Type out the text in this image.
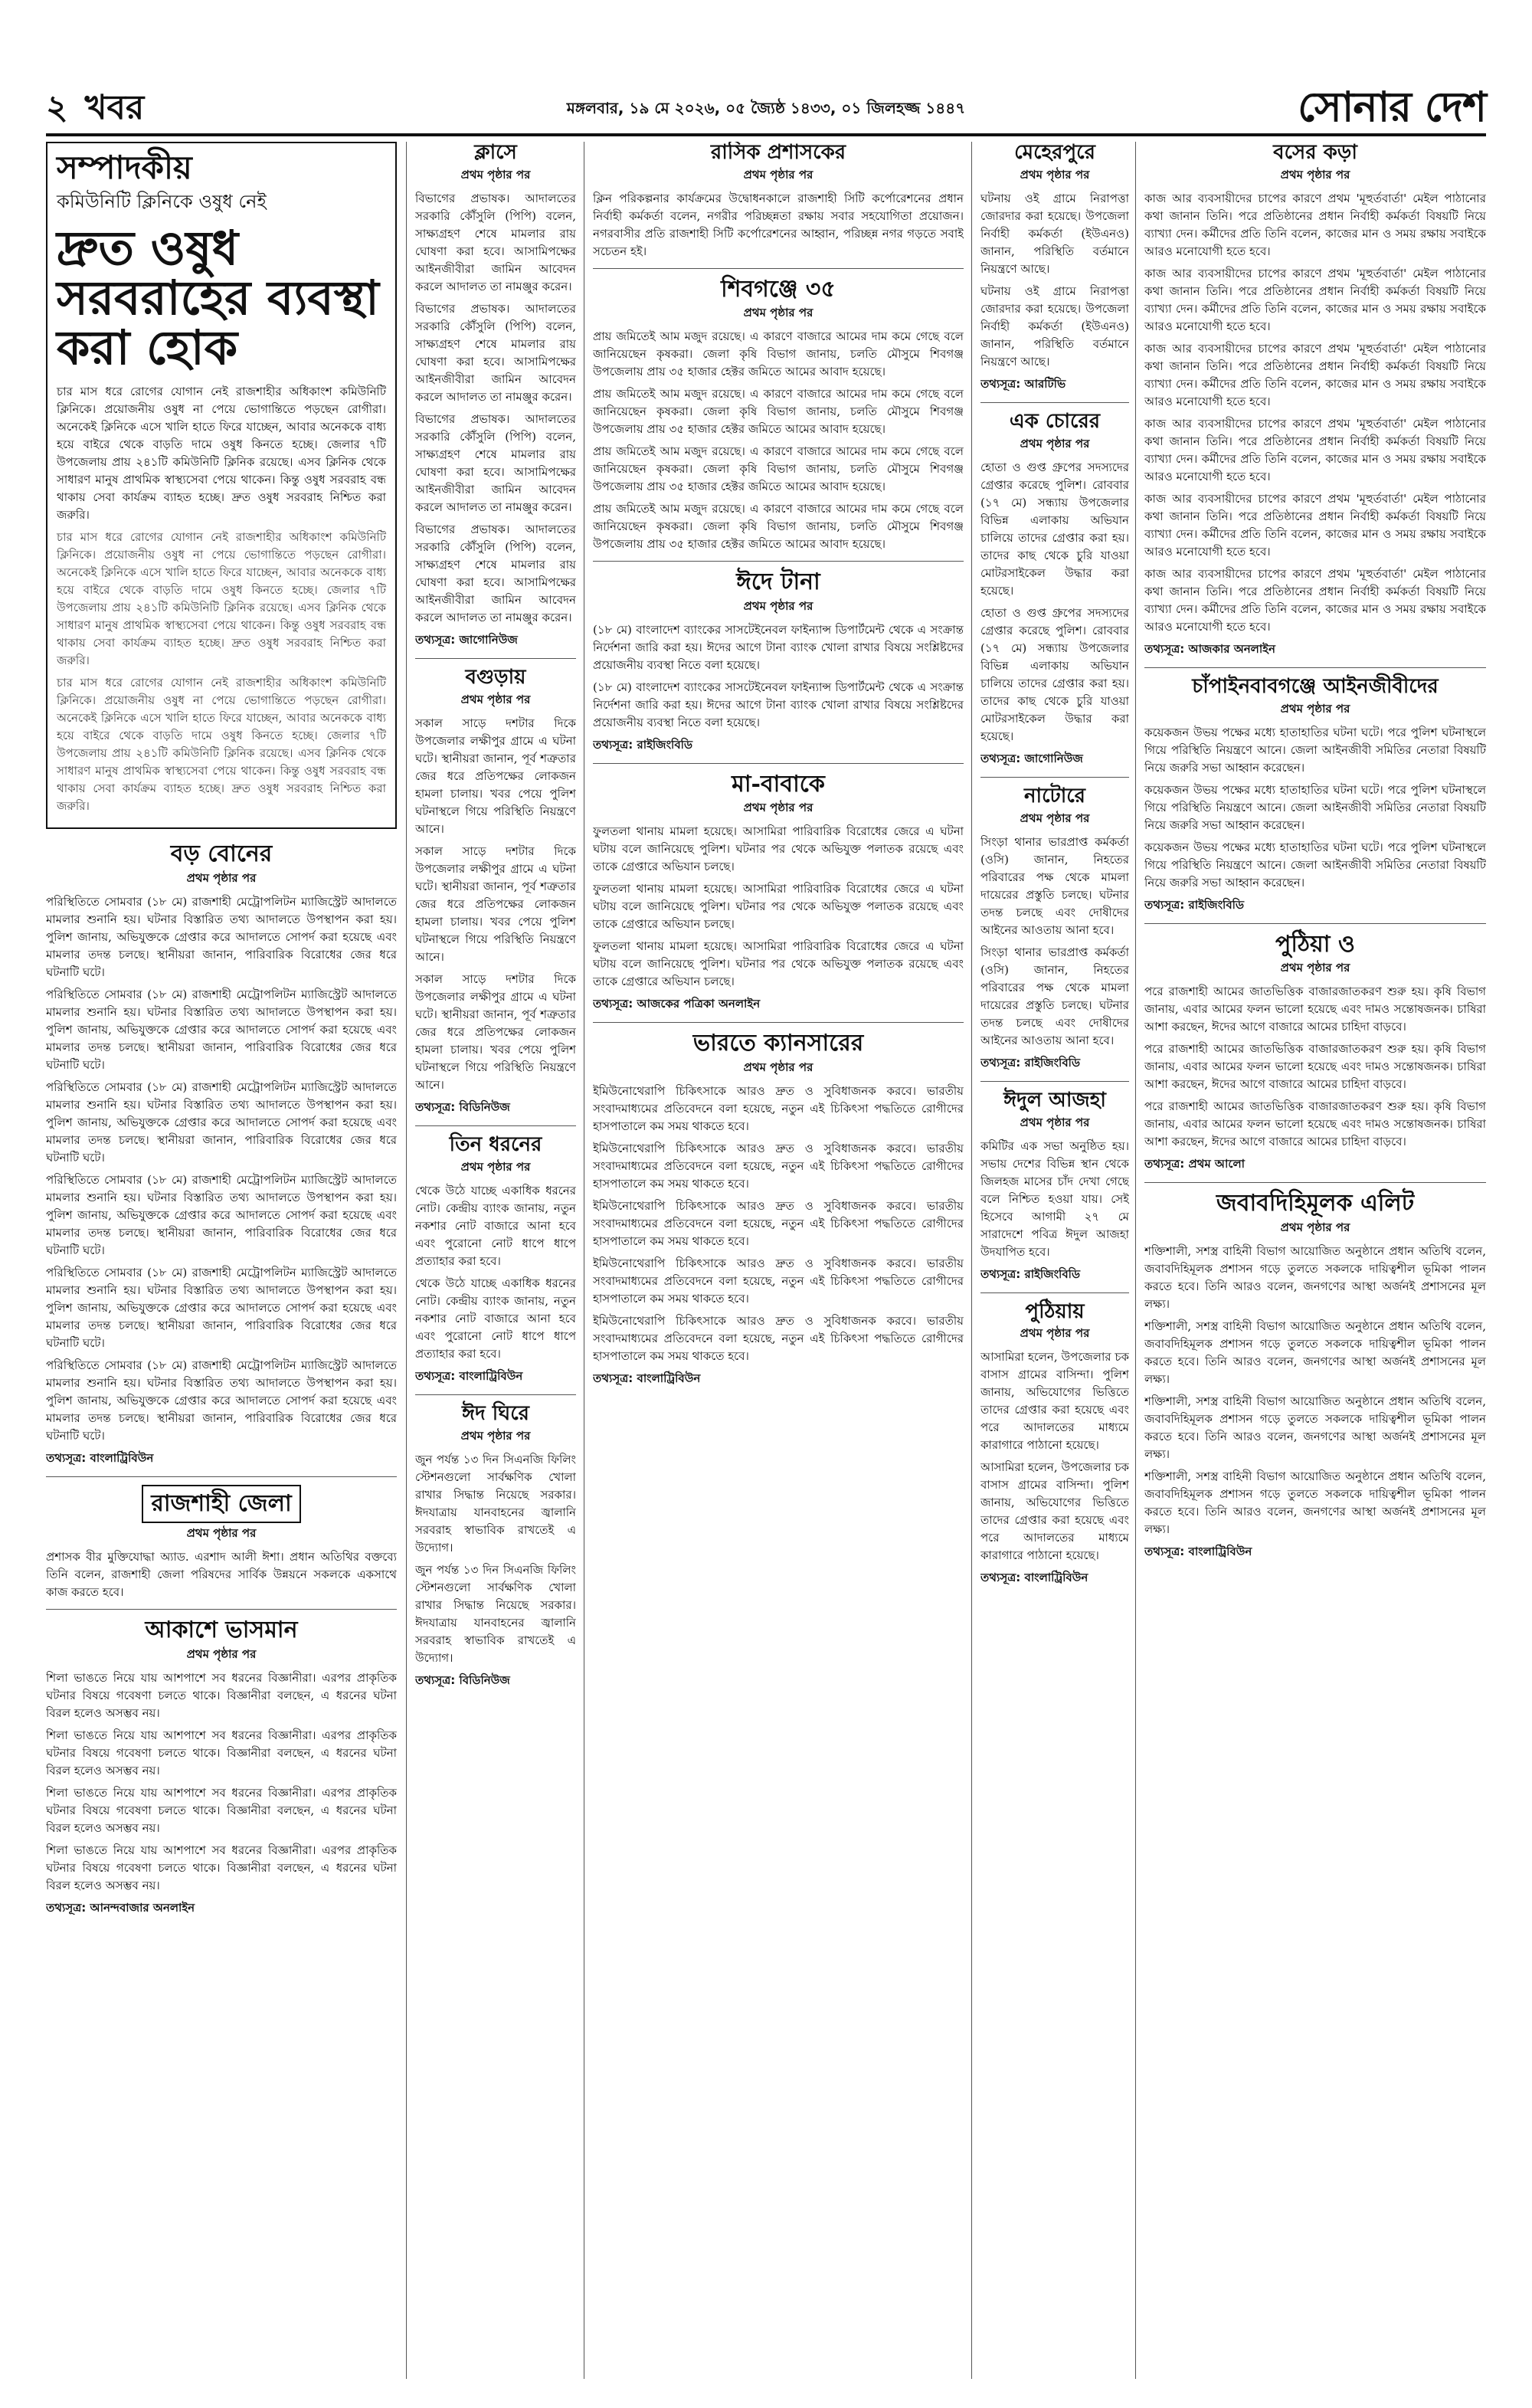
২ খবর	মঙ্গলবার, ১৯ মে ২০২৬, ০৫ জ্যৈষ্ঠ ১৪৩৩, ০১ জিলহজ্জ ১৪৪৭	সোনার দেশ
সম্পাদকীয়
কমিউনিটি ক্লিনিকে ওষুধ নেই
দ্রুত ওষুধ সরবরাহের ব্যবস্থা করা হোক

চার মাস ধরে রোগের যোগান নেই রাজশাহীর অধিকাংশ কমিউনিটি ক্লিনিকে। প্রয়োজনীয় ওষুধ না পেয়ে ভোগান্তিতে পড়ছেন রোগীরা। অনেকেই ক্লিনিকে এসে খালি হাতে ফিরে যাচ্ছেন, আবার অনেককে বাধ্য হয়ে বাইরে থেকে বাড়তি দামে ওষুধ কিনতে হচ্ছে। জেলার ৭টি উপজেলায় প্রায় ২৪১টি কমিউনিটি ক্লিনিক রয়েছে। এসব ক্লিনিক থেকে সাধারণ মানুষ প্রাথমিক স্বাস্থ্যসেবা পেয়ে থাকেন। কিন্তু ওষুধ সরবরাহ বন্ধ থাকায় সেবা কার্যক্রম ব্যাহত হচ্ছে। দ্রুত ওষুধ সরবরাহ নিশ্চিত করা জরুরি।

চার মাস ধরে রোগের যোগান নেই রাজশাহীর অধিকাংশ কমিউনিটি ক্লিনিকে। প্রয়োজনীয় ওষুধ না পেয়ে ভোগান্তিতে পড়ছেন রোগীরা। অনেকেই ক্লিনিকে এসে খালি হাতে ফিরে যাচ্ছেন, আবার অনেককে বাধ্য হয়ে বাইরে থেকে বাড়তি দামে ওষুধ কিনতে হচ্ছে। জেলার ৭টি উপজেলায় প্রায় ২৪১টি কমিউনিটি ক্লিনিক রয়েছে। এসব ক্লিনিক থেকে সাধারণ মানুষ প্রাথমিক স্বাস্থ্যসেবা পেয়ে থাকেন। কিন্তু ওষুধ সরবরাহ বন্ধ থাকায় সেবা কার্যক্রম ব্যাহত হচ্ছে। দ্রুত ওষুধ সরবরাহ নিশ্চিত করা জরুরি।

চার মাস ধরে রোগের যোগান নেই রাজশাহীর অধিকাংশ কমিউনিটি ক্লিনিকে। প্রয়োজনীয় ওষুধ না পেয়ে ভোগান্তিতে পড়ছেন রোগীরা। অনেকেই ক্লিনিকে এসে খালি হাতে ফিরে যাচ্ছেন, আবার অনেককে বাধ্য হয়ে বাইরে থেকে বাড়তি দামে ওষুধ কিনতে হচ্ছে। জেলার ৭টি উপজেলায় প্রায় ২৪১টি কমিউনিটি ক্লিনিক রয়েছে। এসব ক্লিনিক থেকে সাধারণ মানুষ প্রাথমিক স্বাস্থ্যসেবা পেয়ে থাকেন। কিন্তু ওষুধ সরবরাহ বন্ধ থাকায় সেবা কার্যক্রম ব্যাহত হচ্ছে। দ্রুত ওষুধ সরবরাহ নিশ্চিত করা জরুরি।

বড় বোনের
প্রথম পৃষ্ঠার পর

পরিস্থিতিতে সোমবার (১৮ মে) রাজশাহী মেট্রোপলিটন ম্যাজিস্ট্রেট আদালতে মামলার শুনানি হয়। ঘটনার বিস্তারিত তথ্য আদালতে উপস্থাপন করা হয়। পুলিশ জানায়, অভিযুক্তকে গ্রেপ্তার করে আদালতে সোপর্দ করা হয়েছে এবং মামলার তদন্ত চলছে। স্থানীয়রা জানান, পারিবারিক বিরোধের জের ধরে ঘটনাটি ঘটে।

পরিস্থিতিতে সোমবার (১৮ মে) রাজশাহী মেট্রোপলিটন ম্যাজিস্ট্রেট আদালতে মামলার শুনানি হয়। ঘটনার বিস্তারিত তথ্য আদালতে উপস্থাপন করা হয়। পুলিশ জানায়, অভিযুক্তকে গ্রেপ্তার করে আদালতে সোপর্দ করা হয়েছে এবং মামলার তদন্ত চলছে। স্থানীয়রা জানান, পারিবারিক বিরোধের জের ধরে ঘটনাটি ঘটে।

পরিস্থিতিতে সোমবার (১৮ মে) রাজশাহী মেট্রোপলিটন ম্যাজিস্ট্রেট আদালতে মামলার শুনানি হয়। ঘটনার বিস্তারিত তথ্য আদালতে উপস্থাপন করা হয়। পুলিশ জানায়, অভিযুক্তকে গ্রেপ্তার করে আদালতে সোপর্দ করা হয়েছে এবং মামলার তদন্ত চলছে। স্থানীয়রা জানান, পারিবারিক বিরোধের জের ধরে ঘটনাটি ঘটে।

পরিস্থিতিতে সোমবার (১৮ মে) রাজশাহী মেট্রোপলিটন ম্যাজিস্ট্রেট আদালতে মামলার শুনানি হয়। ঘটনার বিস্তারিত তথ্য আদালতে উপস্থাপন করা হয়। পুলিশ জানায়, অভিযুক্তকে গ্রেপ্তার করে আদালতে সোপর্দ করা হয়েছে এবং মামলার তদন্ত চলছে। স্থানীয়রা জানান, পারিবারিক বিরোধের জের ধরে ঘটনাটি ঘটে।

পরিস্থিতিতে সোমবার (১৮ মে) রাজশাহী মেট্রোপলিটন ম্যাজিস্ট্রেট আদালতে মামলার শুনানি হয়। ঘটনার বিস্তারিত তথ্য আদালতে উপস্থাপন করা হয়। পুলিশ জানায়, অভিযুক্তকে গ্রেপ্তার করে আদালতে সোপর্দ করা হয়েছে এবং মামলার তদন্ত চলছে। স্থানীয়রা জানান, পারিবারিক বিরোধের জের ধরে ঘটনাটি ঘটে।

পরিস্থিতিতে সোমবার (১৮ মে) রাজশাহী মেট্রোপলিটন ম্যাজিস্ট্রেট আদালতে মামলার শুনানি হয়। ঘটনার বিস্তারিত তথ্য আদালতে উপস্থাপন করা হয়। পুলিশ জানায়, অভিযুক্তকে গ্রেপ্তার করে আদালতে সোপর্দ করা হয়েছে এবং মামলার তদন্ত চলছে। স্থানীয়রা জানান, পারিবারিক বিরোধের জের ধরে ঘটনাটি ঘটে।

তথ্যসূত্র: বাংলাট্রিবিউন

রাজশাহী জেলা
প্রথম পৃষ্ঠার পর

প্রশাসক বীর মুক্তিযোদ্ধা অ্যাড. এরশাদ আলী ঈশা। প্রধান অতিথির বক্তব্যে তিনি বলেন, রাজশাহী জেলা পরিষদের সার্বিক উন্নয়নে সকলকে একসাথে কাজ করতে হবে।

আকাশে ভাসমান
প্রথম পৃষ্ঠার পর

শিলা ভাঙতে নিয়ে যায় আশপাশে সব ধরনের বিজ্ঞানীরা। এরপর প্রাকৃতিক ঘটনার বিষয়ে গবেষণা চলতে থাকে। বিজ্ঞানীরা বলছেন, এ ধরনের ঘটনা বিরল হলেও অসম্ভব নয়।

শিলা ভাঙতে নিয়ে যায় আশপাশে সব ধরনের বিজ্ঞানীরা। এরপর প্রাকৃতিক ঘটনার বিষয়ে গবেষণা চলতে থাকে। বিজ্ঞানীরা বলছেন, এ ধরনের ঘটনা বিরল হলেও অসম্ভব নয়।

শিলা ভাঙতে নিয়ে যায় আশপাশে সব ধরনের বিজ্ঞানীরা। এরপর প্রাকৃতিক ঘটনার বিষয়ে গবেষণা চলতে থাকে। বিজ্ঞানীরা বলছেন, এ ধরনের ঘটনা বিরল হলেও অসম্ভব নয়।

শিলা ভাঙতে নিয়ে যায় আশপাশে সব ধরনের বিজ্ঞানীরা। এরপর প্রাকৃতিক ঘটনার বিষয়ে গবেষণা চলতে থাকে। বিজ্ঞানীরা বলছেন, এ ধরনের ঘটনা বিরল হলেও অসম্ভব নয়।

তথ্যসূত্র: আনন্দবাজার অনলাইন

ক্লাসে
প্রথম পৃষ্ঠার পর

বিভাগের প্রভাষক। আদালতের সরকারি কৌঁসুলি (পিপি) বলেন, সাক্ষ্যগ্রহণ শেষে মামলার রায় ঘোষণা করা হবে। আসামিপক্ষের আইনজীবীরা জামিন আবেদন করলে আদালত তা নামঞ্জুর করেন।

বিভাগের প্রভাষক। আদালতের সরকারি কৌঁসুলি (পিপি) বলেন, সাক্ষ্যগ্রহণ শেষে মামলার রায় ঘোষণা করা হবে। আসামিপক্ষের আইনজীবীরা জামিন আবেদন করলে আদালত তা নামঞ্জুর করেন।

বিভাগের প্রভাষক। আদালতের সরকারি কৌঁসুলি (পিপি) বলেন, সাক্ষ্যগ্রহণ শেষে মামলার রায় ঘোষণা করা হবে। আসামিপক্ষের আইনজীবীরা জামিন আবেদন করলে আদালত তা নামঞ্জুর করেন।

বিভাগের প্রভাষক। আদালতের সরকারি কৌঁসুলি (পিপি) বলেন, সাক্ষ্যগ্রহণ শেষে মামলার রায় ঘোষণা করা হবে। আসামিপক্ষের আইনজীবীরা জামিন আবেদন করলে আদালত তা নামঞ্জুর করেন।

তথ্যসূত্র: জাগোনিউজ

বগুড়ায়
প্রথম পৃষ্ঠার পর

সকাল সাড়ে দশটার দিকে উপজেলার লক্ষীপুর গ্রামে এ ঘটনা ঘটে। স্থানীয়রা জানান, পূর্ব শত্রুতার জের ধরে প্রতিপক্ষের লোকজন হামলা চালায়। খবর পেয়ে পুলিশ ঘটনাস্থলে গিয়ে পরিস্থিতি নিয়ন্ত্রণে আনে।

সকাল সাড়ে দশটার দিকে উপজেলার লক্ষীপুর গ্রামে এ ঘটনা ঘটে। স্থানীয়রা জানান, পূর্ব শত্রুতার জের ধরে প্রতিপক্ষের লোকজন হামলা চালায়। খবর পেয়ে পুলিশ ঘটনাস্থলে গিয়ে পরিস্থিতি নিয়ন্ত্রণে আনে।

সকাল সাড়ে দশটার দিকে উপজেলার লক্ষীপুর গ্রামে এ ঘটনা ঘটে। স্থানীয়রা জানান, পূর্ব শত্রুতার জের ধরে প্রতিপক্ষের লোকজন হামলা চালায়। খবর পেয়ে পুলিশ ঘটনাস্থলে গিয়ে পরিস্থিতি নিয়ন্ত্রণে আনে।

তথ্যসূত্র: বিডিনিউজ

তিন ধরনের
প্রথম পৃষ্ঠার পর

থেকে উঠে যাচ্ছে একাধিক ধরনের নোট। কেন্দ্রীয় ব্যাংক জানায়, নতুন নকশার নোট বাজারে আনা হবে এবং পুরোনো নোট ধাপে ধাপে প্রত্যাহার করা হবে।

থেকে উঠে যাচ্ছে একাধিক ধরনের নোট। কেন্দ্রীয় ব্যাংক জানায়, নতুন নকশার নোট বাজারে আনা হবে এবং পুরোনো নোট ধাপে ধাপে প্রত্যাহার করা হবে।

তথ্যসূত্র: বাংলাট্রিবিউন

ঈদ ঘিরে
প্রথম পৃষ্ঠার পর

জুন পর্যন্ত ১৩ দিন সিএনজি ফিলিং স্টেশনগুলো সার্বক্ষণিক খোলা রাখার সিদ্ধান্ত নিয়েছে সরকার। ঈদযাত্রায় যানবাহনের জ্বালানি সরবরাহ স্বাভাবিক রাখতেই এ উদ্যোগ।

জুন পর্যন্ত ১৩ দিন সিএনজি ফিলিং স্টেশনগুলো সার্বক্ষণিক খোলা রাখার সিদ্ধান্ত নিয়েছে সরকার। ঈদযাত্রায় যানবাহনের জ্বালানি সরবরাহ স্বাভাবিক রাখতেই এ উদ্যোগ।

তথ্যসূত্র: বিডিনিউজ

রাসিক প্রশাসকের
প্রথম পৃষ্ঠার পর

ক্লিন পরিকল্পনার কার্যক্রমের উদ্বোধনকালে রাজশাহী সিটি কর্পোরেশনের প্রধান নির্বাহী কর্মকর্তা বলেন, নগরীর পরিচ্ছন্নতা রক্ষায় সবার সহযোগিতা প্রয়োজন। নগরবাসীর প্রতি রাজশাহী সিটি কর্পোরেশনের আহ্বান, পরিচ্ছন্ন নগর গড়তে সবাই সচেতন হই।

শিবগঞ্জে ৩৫
প্রথম পৃষ্ঠার পর

প্রায় জমিতেই আম মজুদ রয়েছে। এ কারণে বাজারে আমের দাম কমে গেছে বলে জানিয়েছেন কৃষকরা। জেলা কৃষি বিভাগ জানায়, চলতি মৌসুমে শিবগঞ্জ উপজেলায় প্রায় ৩৫ হাজার হেক্টর জমিতে আমের আবাদ হয়েছে।

প্রায় জমিতেই আম মজুদ রয়েছে। এ কারণে বাজারে আমের দাম কমে গেছে বলে জানিয়েছেন কৃষকরা। জেলা কৃষি বিভাগ জানায়, চলতি মৌসুমে শিবগঞ্জ উপজেলায় প্রায় ৩৫ হাজার হেক্টর জমিতে আমের আবাদ হয়েছে।

প্রায় জমিতেই আম মজুদ রয়েছে। এ কারণে বাজারে আমের দাম কমে গেছে বলে জানিয়েছেন কৃষকরা। জেলা কৃষি বিভাগ জানায়, চলতি মৌসুমে শিবগঞ্জ উপজেলায় প্রায় ৩৫ হাজার হেক্টর জমিতে আমের আবাদ হয়েছে।

প্রায় জমিতেই আম মজুদ রয়েছে। এ কারণে বাজারে আমের দাম কমে গেছে বলে জানিয়েছেন কৃষকরা। জেলা কৃষি বিভাগ জানায়, চলতি মৌসুমে শিবগঞ্জ উপজেলায় প্রায় ৩৫ হাজার হেক্টর জমিতে আমের আবাদ হয়েছে।

ঈদে টানা
প্রথম পৃষ্ঠার পর

(১৮ মে) বাংলাদেশ ব্যাংকের সাসটেইনেবল ফাইন্যান্স ডিপার্টমেন্ট থেকে এ সংক্রান্ত নির্দেশনা জারি করা হয়। ঈদের আগে টানা ব্যাংক খোলা রাখার বিষয়ে সংশ্লিষ্টদের প্রয়োজনীয় ব্যবস্থা নিতে বলা হয়েছে।

(১৮ মে) বাংলাদেশ ব্যাংকের সাসটেইনেবল ফাইন্যান্স ডিপার্টমেন্ট থেকে এ সংক্রান্ত নির্দেশনা জারি করা হয়। ঈদের আগে টানা ব্যাংক খোলা রাখার বিষয়ে সংশ্লিষ্টদের প্রয়োজনীয় ব্যবস্থা নিতে বলা হয়েছে।

তথ্যসূত্র: রাইজিংবিডি

মা-বাবাকে
প্রথম পৃষ্ঠার পর

ফুলতলা থানায় মামলা হয়েছে। আসামিরা পারিবারিক বিরোধের জেরে এ ঘটনা ঘটায় বলে জানিয়েছে পুলিশ। ঘটনার পর থেকে অভিযুক্ত পলাতক রয়েছে এবং তাকে গ্রেপ্তারে অভিযান চলছে।

ফুলতলা থানায় মামলা হয়েছে। আসামিরা পারিবারিক বিরোধের জেরে এ ঘটনা ঘটায় বলে জানিয়েছে পুলিশ। ঘটনার পর থেকে অভিযুক্ত পলাতক রয়েছে এবং তাকে গ্রেপ্তারে অভিযান চলছে।

ফুলতলা থানায় মামলা হয়েছে। আসামিরা পারিবারিক বিরোধের জেরে এ ঘটনা ঘটায় বলে জানিয়েছে পুলিশ। ঘটনার পর থেকে অভিযুক্ত পলাতক রয়েছে এবং তাকে গ্রেপ্তারে অভিযান চলছে।

তথ্যসূত্র: আজকের পত্রিকা অনলাইন

ভারতে ক্যানসারের
প্রথম পৃষ্ঠার পর

ইমিউনোথেরাপি চিকিৎসাকে আরও দ্রুত ও সুবিধাজনক করবে। ভারতীয় সংবাদমাধ্যমের প্রতিবেদনে বলা হয়েছে, নতুন এই চিকিৎসা পদ্ধতিতে রোগীদের হাসপাতালে কম সময় থাকতে হবে।

ইমিউনোথেরাপি চিকিৎসাকে আরও দ্রুত ও সুবিধাজনক করবে। ভারতীয় সংবাদমাধ্যমের প্রতিবেদনে বলা হয়েছে, নতুন এই চিকিৎসা পদ্ধতিতে রোগীদের হাসপাতালে কম সময় থাকতে হবে।

ইমিউনোথেরাপি চিকিৎসাকে আরও দ্রুত ও সুবিধাজনক করবে। ভারতীয় সংবাদমাধ্যমের প্রতিবেদনে বলা হয়েছে, নতুন এই চিকিৎসা পদ্ধতিতে রোগীদের হাসপাতালে কম সময় থাকতে হবে।

ইমিউনোথেরাপি চিকিৎসাকে আরও দ্রুত ও সুবিধাজনক করবে। ভারতীয় সংবাদমাধ্যমের প্রতিবেদনে বলা হয়েছে, নতুন এই চিকিৎসা পদ্ধতিতে রোগীদের হাসপাতালে কম সময় থাকতে হবে।

ইমিউনোথেরাপি চিকিৎসাকে আরও দ্রুত ও সুবিধাজনক করবে। ভারতীয় সংবাদমাধ্যমের প্রতিবেদনে বলা হয়েছে, নতুন এই চিকিৎসা পদ্ধতিতে রোগীদের হাসপাতালে কম সময় থাকতে হবে।

তথ্যসূত্র: বাংলাট্রিবিউন

মেহেরপুরে
প্রথম পৃষ্ঠার পর

ঘটনায় ওই গ্রামে নিরাপত্তা জোরদার করা হয়েছে। উপজেলা নির্বাহী কর্মকর্তা (ইউএনও) জানান, পরিস্থিতি বর্তমানে নিয়ন্ত্রণে আছে।

ঘটনায় ওই গ্রামে নিরাপত্তা জোরদার করা হয়েছে। উপজেলা নির্বাহী কর্মকর্তা (ইউএনও) জানান, পরিস্থিতি বর্তমানে নিয়ন্ত্রণে আছে।

তথ্যসূত্র: আরটিভি

এক চোরের
প্রথম পৃষ্ঠার পর

হোতা ও গুপ্ত গ্রুপের সদস্যদের গ্রেপ্তার করেছে পুলিশ। রোববার (১৭ মে) সন্ধ্যায় উপজেলার বিভিন্ন এলাকায় অভিযান চালিয়ে তাদের গ্রেপ্তার করা হয়। তাদের কাছ থেকে চুরি যাওয়া মোটরসাইকেল উদ্ধার করা হয়েছে।

হোতা ও গুপ্ত গ্রুপের সদস্যদের গ্রেপ্তার করেছে পুলিশ। রোববার (১৭ মে) সন্ধ্যায় উপজেলার বিভিন্ন এলাকায় অভিযান চালিয়ে তাদের গ্রেপ্তার করা হয়। তাদের কাছ থেকে চুরি যাওয়া মোটরসাইকেল উদ্ধার করা হয়েছে।

তথ্যসূত্র: জাগোনিউজ

নাটোরে
প্রথম পৃষ্ঠার পর

সিংড়া থানার ভারপ্রাপ্ত কর্মকর্তা (ওসি) জানান, নিহতের পরিবারের পক্ষ থেকে মামলা দায়েরের প্রস্তুতি চলছে। ঘটনার তদন্ত চলছে এবং দোষীদের আইনের আওতায় আনা হবে।

সিংড়া থানার ভারপ্রাপ্ত কর্মকর্তা (ওসি) জানান, নিহতের পরিবারের পক্ষ থেকে মামলা দায়েরের প্রস্তুতি চলছে। ঘটনার তদন্ত চলছে এবং দোষীদের আইনের আওতায় আনা হবে।

তথ্যসূত্র: রাইজিংবিডি

ঈদুল আজহা
প্রথম পৃষ্ঠার পর

কমিটির এক সভা অনুষ্ঠিত হয়। সভায় দেশের বিভিন্ন স্থান থেকে জিলহজ মাসের চাঁদ দেখা গেছে বলে নিশ্চিত হওয়া যায়। সেই হিসেবে আগামী ২৭ মে সারাদেশে পবিত্র ঈদুল আজহা উদযাপিত হবে।

তথ্যসূত্র: রাইজিংবিডি

পুঠিয়ায়
প্রথম পৃষ্ঠার পর

আসামিরা হলেন, উপজেলার চক বাসাস গ্রামের বাসিন্দা। পুলিশ জানায়, অভিযোগের ভিত্তিতে তাদের গ্রেপ্তার করা হয়েছে এবং পরে আদালতের মাধ্যমে কারাগারে পাঠানো হয়েছে।

আসামিরা হলেন, উপজেলার চক বাসাস গ্রামের বাসিন্দা। পুলিশ জানায়, অভিযোগের ভিত্তিতে তাদের গ্রেপ্তার করা হয়েছে এবং পরে আদালতের মাধ্যমে কারাগারে পাঠানো হয়েছে।

তথ্যসূত্র: বাংলাট্রিবিউন

বসের কড়া
প্রথম পৃষ্ঠার পর

কাজ আর ব্যবসায়ীদের চাপের কারণে প্রথম 'মূহুর্তবার্তা' মেইল পাঠানোর কথা জানান তিনি। পরে প্রতিষ্ঠানের প্রধান নির্বাহী কর্মকর্তা বিষয়টি নিয়ে ব্যাখ্যা দেন। কর্মীদের প্রতি তিনি বলেন, কাজের মান ও সময় রক্ষায় সবাইকে আরও মনোযোগী হতে হবে।

কাজ আর ব্যবসায়ীদের চাপের কারণে প্রথম 'মূহুর্তবার্তা' মেইল পাঠানোর কথা জানান তিনি। পরে প্রতিষ্ঠানের প্রধান নির্বাহী কর্মকর্তা বিষয়টি নিয়ে ব্যাখ্যা দেন। কর্মীদের প্রতি তিনি বলেন, কাজের মান ও সময় রক্ষায় সবাইকে আরও মনোযোগী হতে হবে।

কাজ আর ব্যবসায়ীদের চাপের কারণে প্রথম 'মূহুর্তবার্তা' মেইল পাঠানোর কথা জানান তিনি। পরে প্রতিষ্ঠানের প্রধান নির্বাহী কর্মকর্তা বিষয়টি নিয়ে ব্যাখ্যা দেন। কর্মীদের প্রতি তিনি বলেন, কাজের মান ও সময় রক্ষায় সবাইকে আরও মনোযোগী হতে হবে।

কাজ আর ব্যবসায়ীদের চাপের কারণে প্রথম 'মূহুর্তবার্তা' মেইল পাঠানোর কথা জানান তিনি। পরে প্রতিষ্ঠানের প্রধান নির্বাহী কর্মকর্তা বিষয়টি নিয়ে ব্যাখ্যা দেন। কর্মীদের প্রতি তিনি বলেন, কাজের মান ও সময় রক্ষায় সবাইকে আরও মনোযোগী হতে হবে।

কাজ আর ব্যবসায়ীদের চাপের কারণে প্রথম 'মূহুর্তবার্তা' মেইল পাঠানোর কথা জানান তিনি। পরে প্রতিষ্ঠানের প্রধান নির্বাহী কর্মকর্তা বিষয়টি নিয়ে ব্যাখ্যা দেন। কর্মীদের প্রতি তিনি বলেন, কাজের মান ও সময় রক্ষায় সবাইকে আরও মনোযোগী হতে হবে।

কাজ আর ব্যবসায়ীদের চাপের কারণে প্রথম 'মূহুর্তবার্তা' মেইল পাঠানোর কথা জানান তিনি। পরে প্রতিষ্ঠানের প্রধান নির্বাহী কর্মকর্তা বিষয়টি নিয়ে ব্যাখ্যা দেন। কর্মীদের প্রতি তিনি বলেন, কাজের মান ও সময় রক্ষায় সবাইকে আরও মনোযোগী হতে হবে।

তথ্যসূত্র: আজকার অনলাইন

চাঁপাইনবাবগঞ্জে আইনজীবীদের
প্রথম পৃষ্ঠার পর

কয়েকজন উভয় পক্ষের মধ্যে হাতাহাতির ঘটনা ঘটে। পরে পুলিশ ঘটনাস্থলে গিয়ে পরিস্থিতি নিয়ন্ত্রণে আনে। জেলা আইনজীবী সমিতির নেতারা বিষয়টি নিয়ে জরুরি সভা আহ্বান করেছেন।

কয়েকজন উভয় পক্ষের মধ্যে হাতাহাতির ঘটনা ঘটে। পরে পুলিশ ঘটনাস্থলে গিয়ে পরিস্থিতি নিয়ন্ত্রণে আনে। জেলা আইনজীবী সমিতির নেতারা বিষয়টি নিয়ে জরুরি সভা আহ্বান করেছেন।

কয়েকজন উভয় পক্ষের মধ্যে হাতাহাতির ঘটনা ঘটে। পরে পুলিশ ঘটনাস্থলে গিয়ে পরিস্থিতি নিয়ন্ত্রণে আনে। জেলা আইনজীবী সমিতির নেতারা বিষয়টি নিয়ে জরুরি সভা আহ্বান করেছেন।

তথ্যসূত্র: রাইজিংবিডি

পুঠিয়া ও
প্রথম পৃষ্ঠার পর

পরে রাজশাহী আমের জাতভিত্তিক বাজারজাতকরণ শুরু হয়। কৃষি বিভাগ জানায়, এবার আমের ফলন ভালো হয়েছে এবং দামও সন্তোষজনক। চাষিরা আশা করছেন, ঈদের আগে বাজারে আমের চাহিদা বাড়বে।

পরে রাজশাহী আমের জাতভিত্তিক বাজারজাতকরণ শুরু হয়। কৃষি বিভাগ জানায়, এবার আমের ফলন ভালো হয়েছে এবং দামও সন্তোষজনক। চাষিরা আশা করছেন, ঈদের আগে বাজারে আমের চাহিদা বাড়বে।

পরে রাজশাহী আমের জাতভিত্তিক বাজারজাতকরণ শুরু হয়। কৃষি বিভাগ জানায়, এবার আমের ফলন ভালো হয়েছে এবং দামও সন্তোষজনক। চাষিরা আশা করছেন, ঈদের আগে বাজারে আমের চাহিদা বাড়বে।

তথ্যসূত্র: প্রথম আলো

জবাবদিহিমূলক এলিট
প্রথম পৃষ্ঠার পর

শক্তিশালী, সশস্ত্র বাহিনী বিভাগ আয়োজিত অনুষ্ঠানে প্রধান অতিথি বলেন, জবাবদিহিমূলক প্রশাসন গড়ে তুলতে সকলকে দায়িত্বশীল ভূমিকা পালন করতে হবে। তিনি আরও বলেন, জনগণের আস্থা অর্জনই প্রশাসনের মূল লক্ষ্য।

শক্তিশালী, সশস্ত্র বাহিনী বিভাগ আয়োজিত অনুষ্ঠানে প্রধান অতিথি বলেন, জবাবদিহিমূলক প্রশাসন গড়ে তুলতে সকলকে দায়িত্বশীল ভূমিকা পালন করতে হবে। তিনি আরও বলেন, জনগণের আস্থা অর্জনই প্রশাসনের মূল লক্ষ্য।

শক্তিশালী, সশস্ত্র বাহিনী বিভাগ আয়োজিত অনুষ্ঠানে প্রধান অতিথি বলেন, জবাবদিহিমূলক প্রশাসন গড়ে তুলতে সকলকে দায়িত্বশীল ভূমিকা পালন করতে হবে। তিনি আরও বলেন, জনগণের আস্থা অর্জনই প্রশাসনের মূল লক্ষ্য।

শক্তিশালী, সশস্ত্র বাহিনী বিভাগ আয়োজিত অনুষ্ঠানে প্রধান অতিথি বলেন, জবাবদিহিমূলক প্রশাসন গড়ে তুলতে সকলকে দায়িত্বশীল ভূমিকা পালন করতে হবে। তিনি আরও বলেন, জনগণের আস্থা অর্জনই প্রশাসনের মূল লক্ষ্য।

তথ্যসূত্র: বাংলাট্রিবিউন
